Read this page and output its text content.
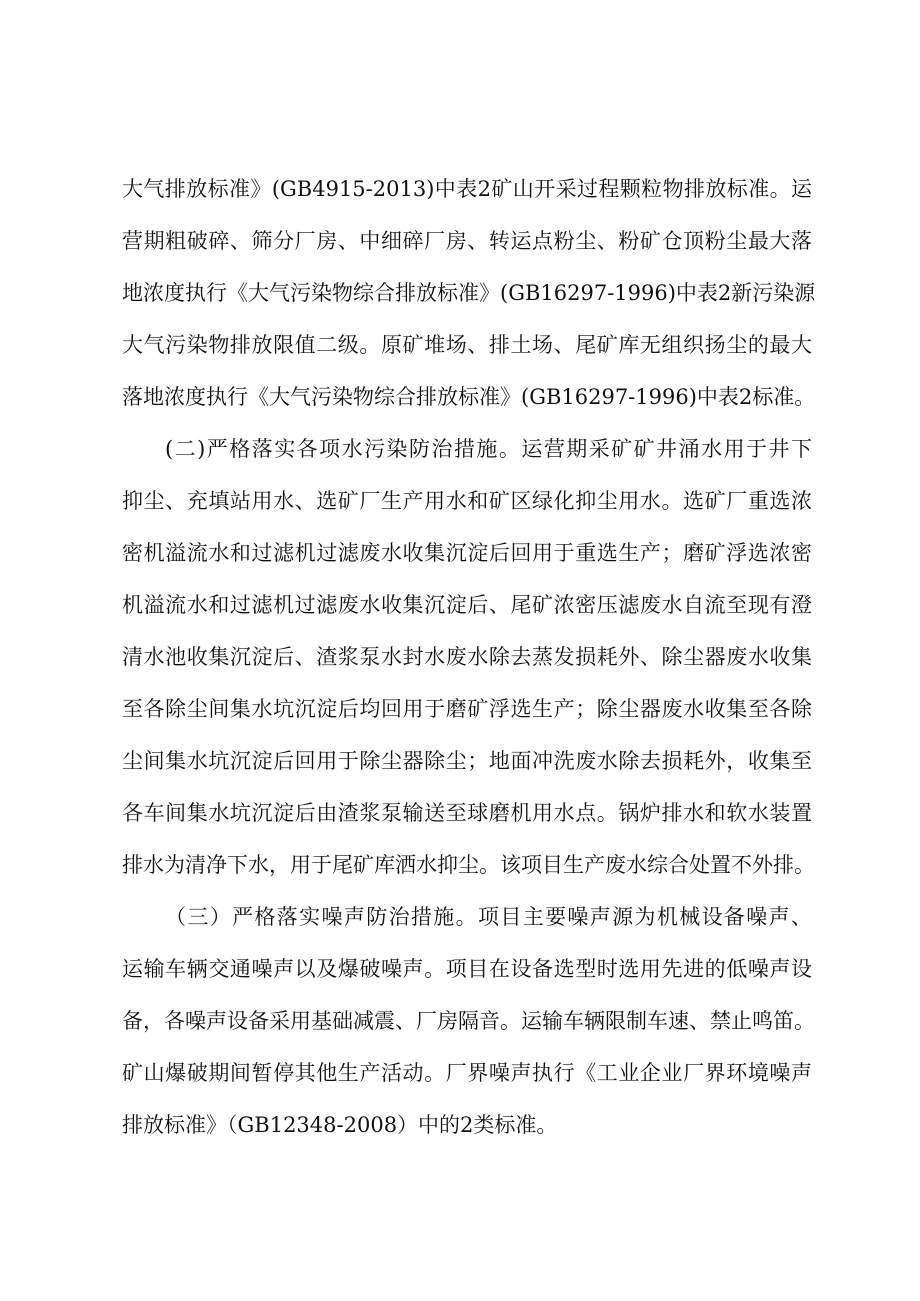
大气排放标准》(GB4915-2013)中表2矿山开采过程颗粒物排放标准。运
营期粗破碎、筛分厂房、中细碎厂房、转运点粉尘、粉矿仓顶粉尘最大落
地浓度执行《大气污染物综合排放标准》(GB16297-1996)中表2新污染源
大气污染物排放限值二级。原矿堆场、排土场、尾矿库无组织扬尘的最大
落地浓度执行《大气污染物综合排放标准》(GB16297-1996)中表2标准。
(二)严格落实各项水污染防治措施。运营期采矿矿井涌水用于井下
抑尘、充填站用水、选矿厂生产用水和矿区绿化抑尘用水。选矿厂重选浓
密机溢流水和过滤机过滤废水收集沉淀后回用于重选生产；磨矿浮选浓密
机溢流水和过滤机过滤废水收集沉淀后、尾矿浓密压滤废水自流至现有澄
清水池收集沉淀后、渣浆泵水封水废水除去蒸发损耗外、除尘器废水收集
至各除尘间集水坑沉淀后均回用于磨矿浮选生产；除尘器废水收集至各除
尘间集水坑沉淀后回用于除尘器除尘；地面冲洗废水除去损耗外，收集至
各车间集水坑沉淀后由渣浆泵输送至球磨机用水点。锅炉排水和软水装置
排水为清净下水，用于尾矿库洒水抑尘。该项目生产废水综合处置不外排。
（三）严格落实噪声防治措施。项目主要噪声源为机械设备噪声、
运输车辆交通噪声以及爆破噪声。项目在设备选型时选用先进的低噪声设
备，各噪声设备采用基础减震、厂房隔音。运输车辆限制车速、禁止鸣笛。
矿山爆破期间暂停其他生产活动。厂界噪声执行《工业企业厂界环境噪声
排放标准》（GB12348-2008）中的2类标准。
